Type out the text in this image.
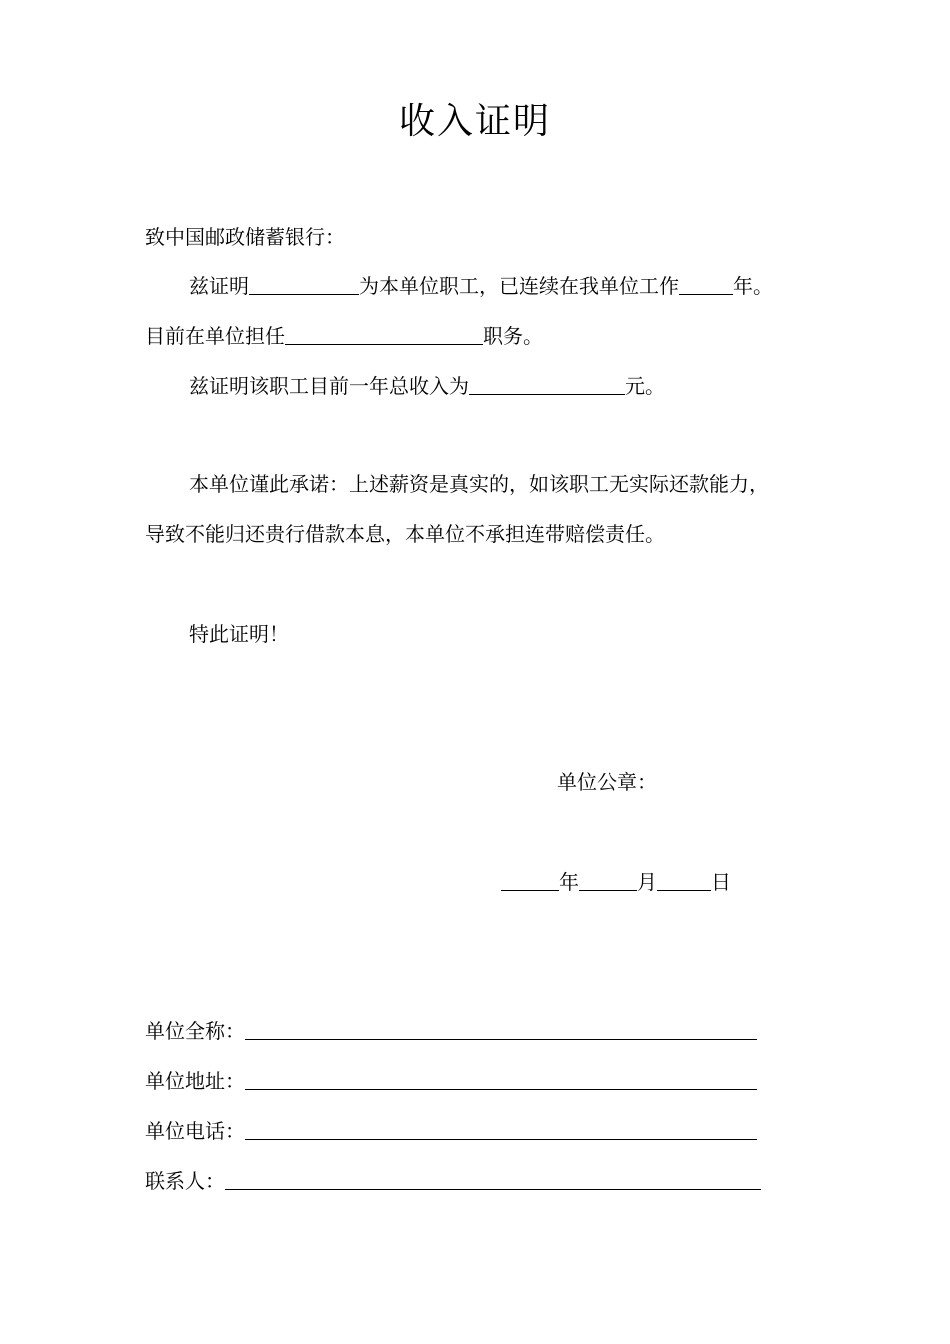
收入证明
致中国邮政储蓄银行：
兹证明	为本单位职工，已连续在我单位工作	年。
目前在单位担任	职务。
兹证明该职工目前一年总收入为	元。
本单位谨此承诺：上述薪资是真实的，如该职工无实际还款能力，
导致不能归还贵行借款本息，本单位不承担连带赔偿责任。
特此证明！
单位公章：
年	月	日
单位全称：
单位地址：
单位电话：
联系人：
